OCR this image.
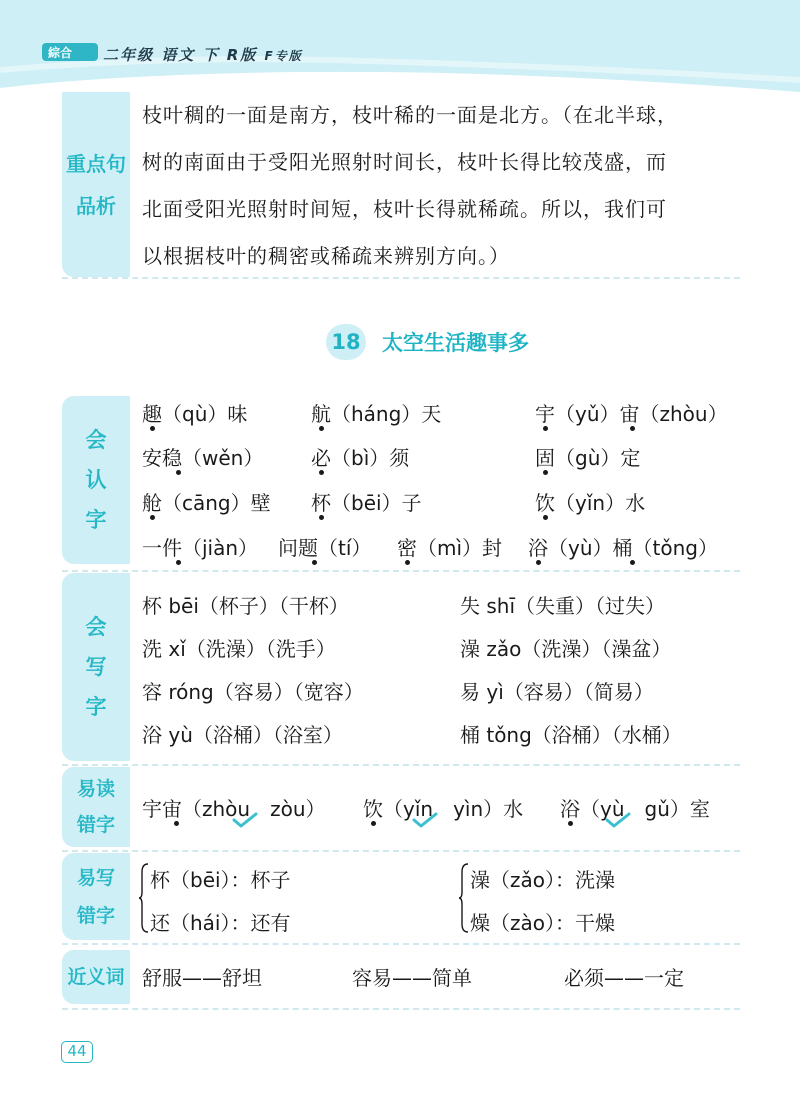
綜合 二年级 语文 下 R版 F专版
重点句
品析
枝叶稠的一面是南方，枝叶稀的一面是北方。（在北半球，
树的南面由于受阳光照射时间长，枝叶长得比较茂盛，而
北面受阳光照射时间短，枝叶长得就稀疏。所以，我们可
以根据枝叶的稠密或稀疏来辨别方向。）
18 太空生活趣事多
会
认
字
趣（qù）味	航（háng）天	宇（yǔ）宙（zhòu）
安稳（wěn） 必（bì）须	固（gù）定
舱（cāng）壁 杯（bēi）子	饮（yǐn）水
一件（jiàn） 问题（tí） 密（mì）封 浴（yù）桶（tǒng）
会
写
字
杯 bēi（杯子）（干杯）	失 shī（失重）（过失）
洗 xǐ（洗澡）（洗手）	澡 zǎo（洗澡）（澡盆）
容 róng（容易）（宽容）	易 yì（容易）（简易）
浴 yù（浴桶）（浴室）	桶 tǒng（浴桶）（水桶）
易读
错字
宇宙（zhòu　zòu） 饮（yǐn　yìn）水 浴（yù　gǔ）室
易写
错字
杯（bēi）：杯子
还（hái）：还有
澡（zǎo）：洗澡
燥（zào）：干燥
近义词 舒服——舒坦	容易——简单	必须——一定
44
